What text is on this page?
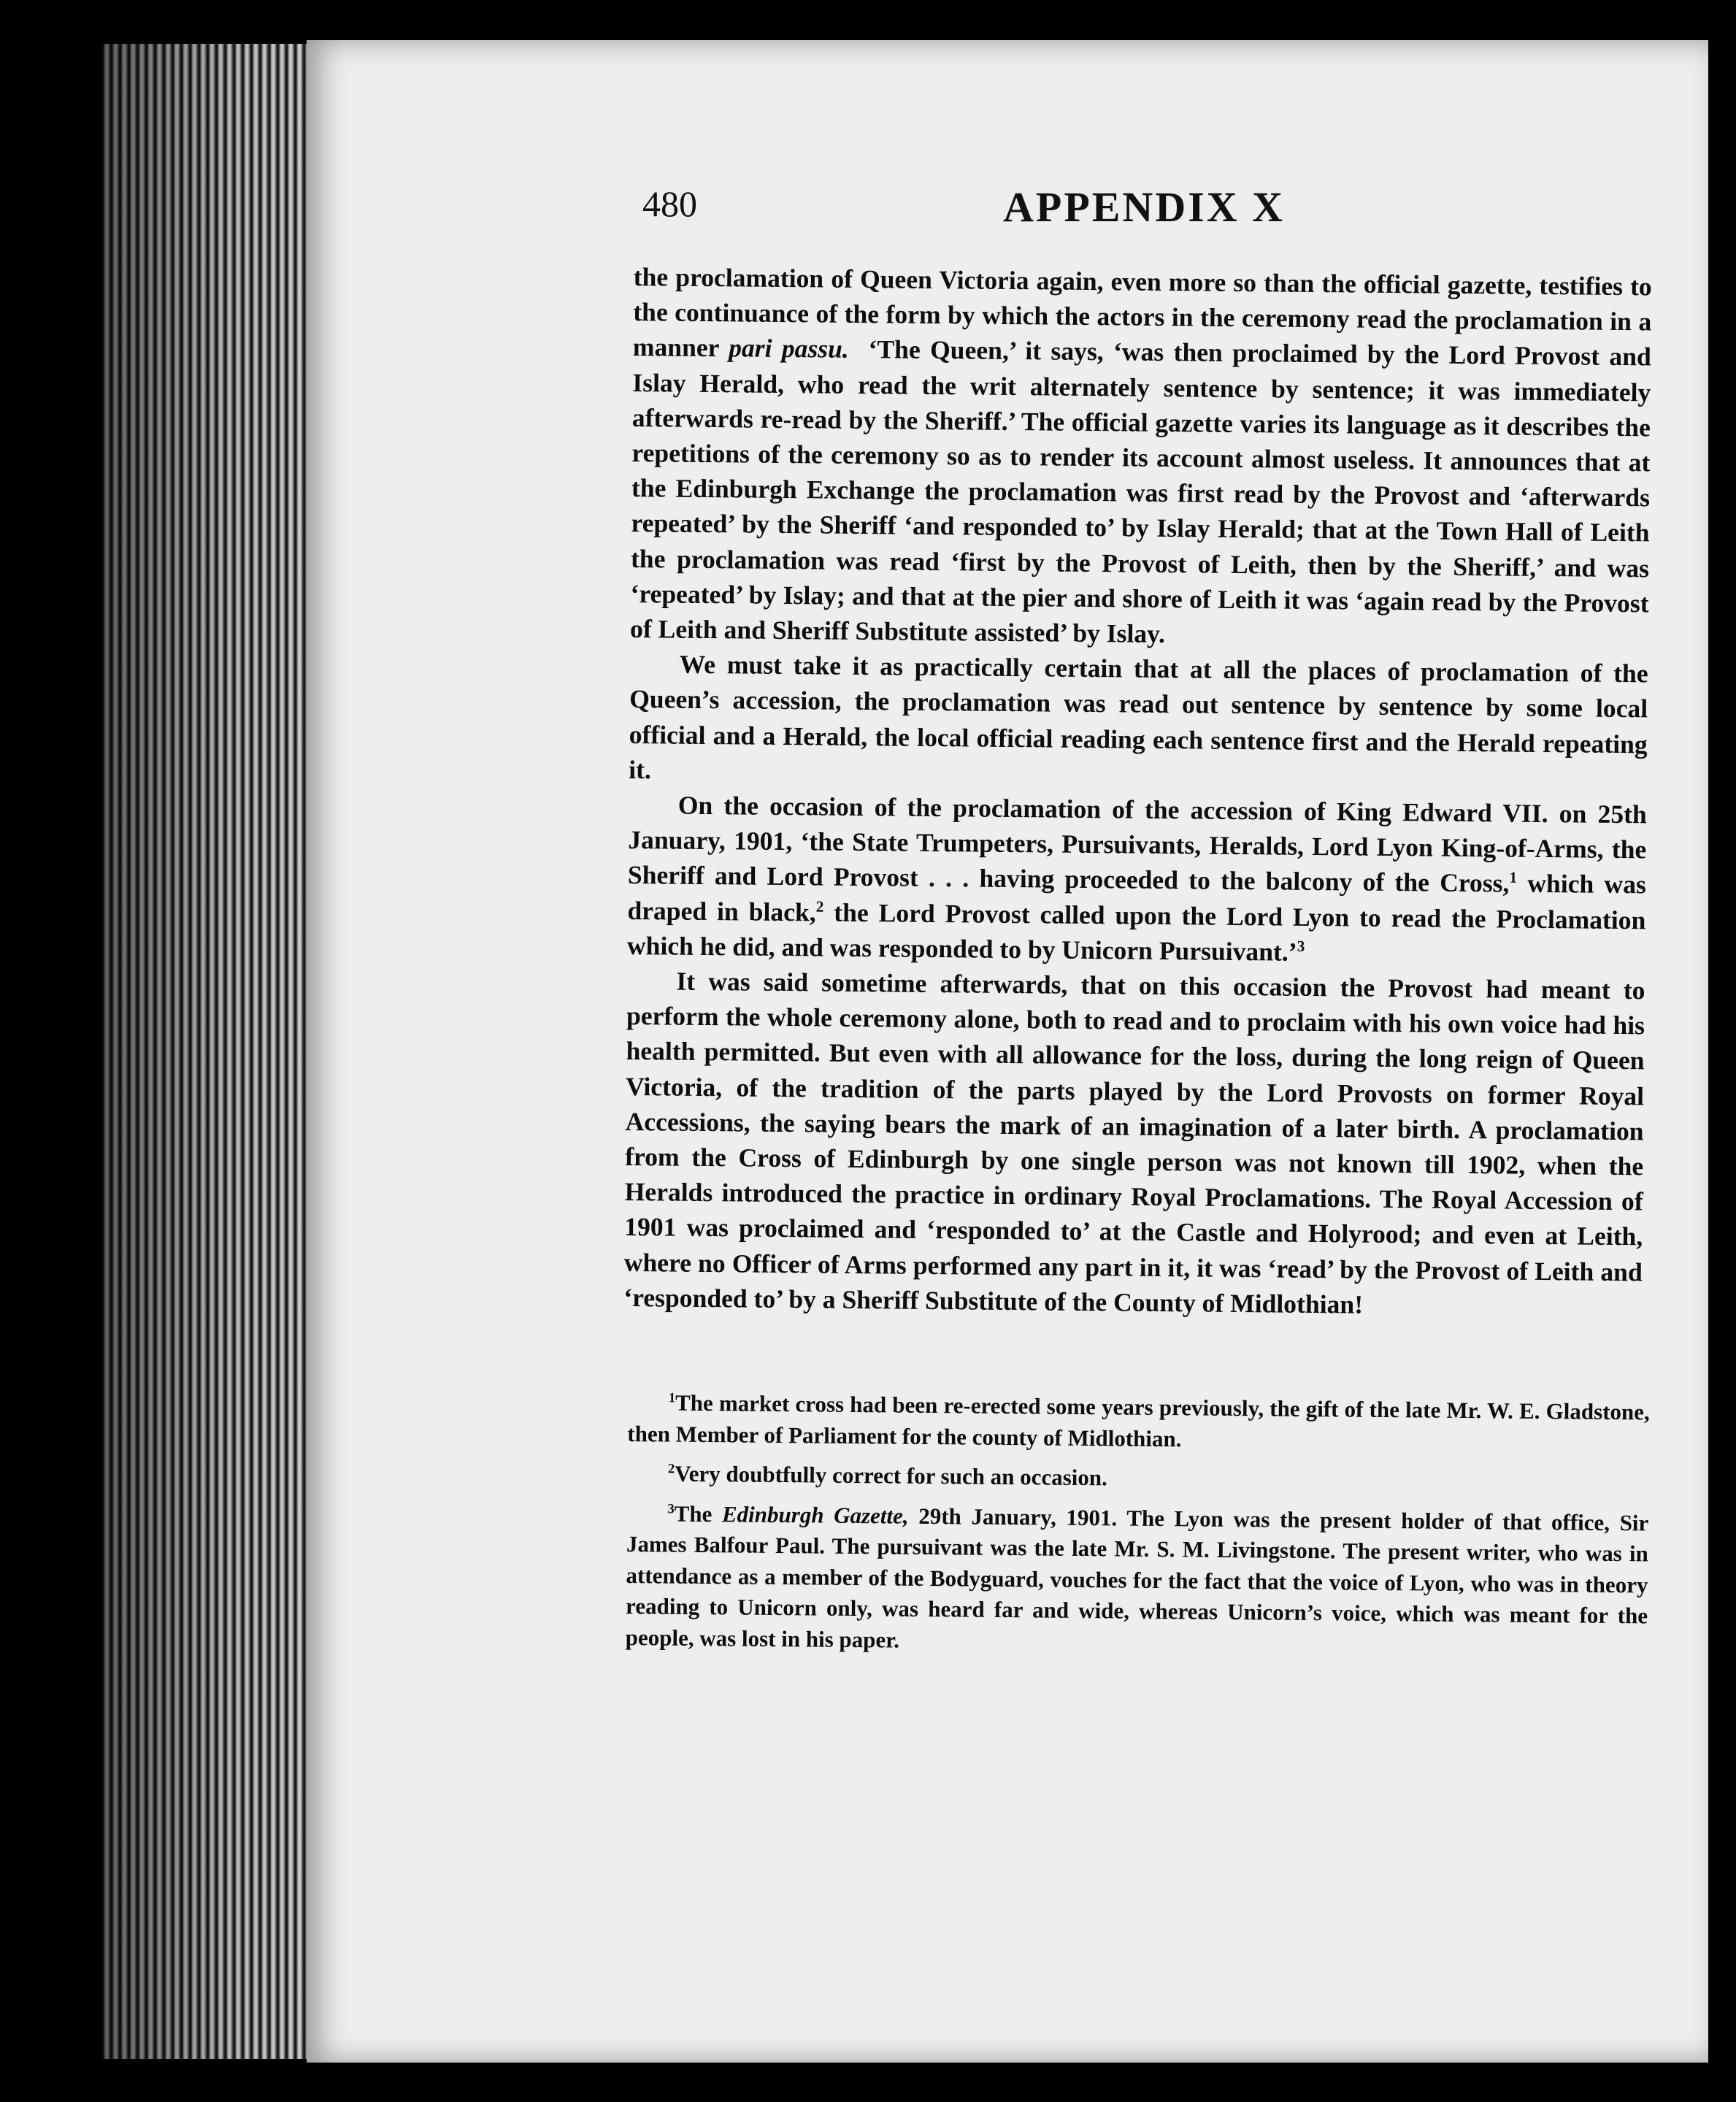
480	APPENDIX X

the proclamation of Queen Victoria again, even more so than the official gazette, testifies to the continuance of the form by which the actors in the ceremony read the proclamation in a manner pari passu. ‘The Queen,’ it says, ‘was then proclaimed by the Lord Provost and Islay Herald, who read the writ alternately sentence by sentence; it was immediately afterwards re-read by the Sheriff.’ The official gazette varies its language as it describes the repetitions of the ceremony so as to render its account almost useless. It announces that at the Edinburgh Exchange the proclamation was first read by the Provost and ‘afterwards repeated’ by the Sheriff ‘and responded to’ by Islay Herald; that at the Town Hall of Leith the proclamation was read ‘first by the Provost of Leith, then by the Sheriff,’ and was ‘repeated’ by Islay; and that at the pier and shore of Leith it was ‘again read by the Provost of Leith and Sheriff Substitute assisted’ by Islay.

We must take it as practically certain that at all the places of proclamation of the Queen’s accession, the proclamation was read out sentence by sentence by some local official and a Herald, the local official reading each sentence first and the Herald repeating it.

On the occasion of the proclamation of the accession of King Edward VII. on 25th January, 1901, ‘the State Trumpeters, Pursuivants, Heralds, Lord Lyon King-of-Arms, the Sheriff and Lord Provost . . . having proceeded to the balcony of the Cross,$^1$ which was draped in black,$^2$ the Lord Provost called upon the Lord Lyon to read the Proclamation which he did, and was responded to by Unicorn Pursuivant.’$^3$

It was said sometime afterwards, that on this occasion the Provost had meant to perform the whole ceremony alone, both to read and to proclaim with his own voice had his health permitted. But even with all allowance for the loss, during the long reign of Queen Victoria, of the tradition of the parts played by the Lord Provosts on former Royal Accessions, the saying bears the mark of an imagination of a later birth. A proclamation from the Cross of Edinburgh by one single person was not known till 1902, when the Heralds introduced the practice in ordinary Royal Proclamations. The Royal Accession of 1901 was proclaimed and ‘responded to’ at the Castle and Holyrood; and even at Leith, where no Officer of Arms performed any part in it, it was ‘read’ by the Provost of Leith and ‘responded to’ by a Sheriff Substitute of the County of Midlothian!

$^1$The market cross had been re-erected some years previously, the gift of the late Mr. W. E. Gladstone, then Member of Parliament for the county of Midlothian.

$^2$Very doubtfully correct for such an occasion.

$^3$The Edinburgh Gazette, 29th January, 1901. The Lyon was the present holder of that office, Sir James Balfour Paul. The pursuivant was the late Mr. S. M. Livingstone. The present writer, who was in attendance as a member of the Bodyguard, vouches for the fact that the voice of Lyon, who was in theory reading to Unicorn only, was heard far and wide, whereas Unicorn’s voice, which was meant for the people, was lost in his paper.
